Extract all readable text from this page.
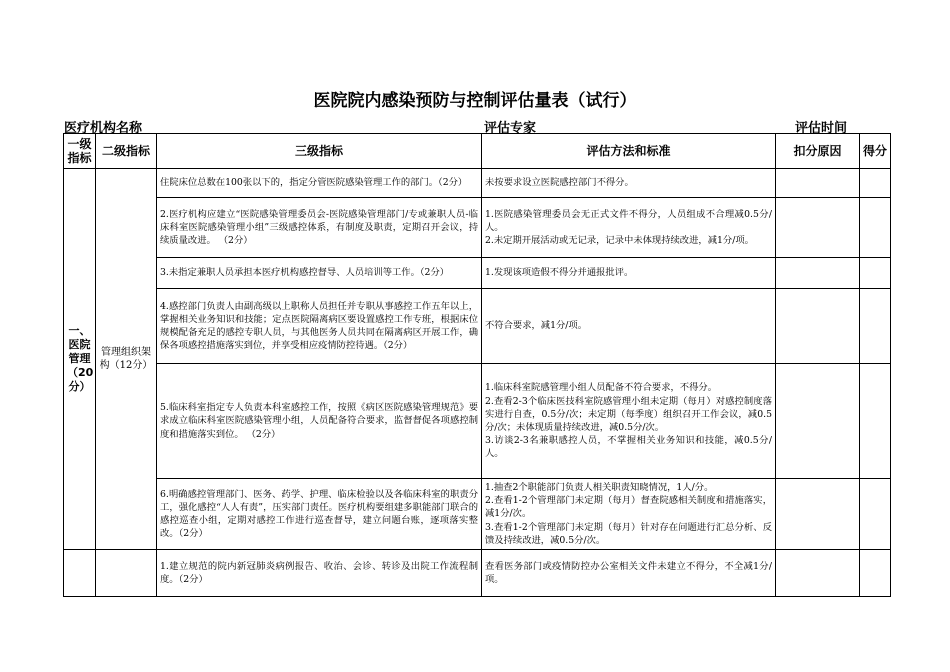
医院院内感染预防与控制评估量表（试行）
医疗机构名称	评估专家	评估时间
一级指标	二级指标	三级指标	评估方法和标准	扣分原因	得分
一、医院管理（20分）	管理组织架构（12分）	住院床位总数在100张以下的，指定分管医院感染管理工作的部门。（2分）	未按要求设立医院感控部门不得分。		

		2.医疗机构应建立“医院感染管理委员会-医院感染管理部门/专或兼职人员-临床科室医院感染管理小组”三级感控体系，有制度及职责，定期召开会议，持续质量改进。 （2分）	1.医院感染管理委员会无正式文件不得分，人员组成不合理减0.5分/人。
2.未定期开展活动或无记录，记录中未体现持续改进，减1分/项。		

		3.未指定兼职人员承担本医疗机构感控督导、人员培训等工作。（2分）	1.发现该项造假不得分并通报批评。		

		4.感控部门负责人由副高级以上职称人员担任并专职从事感控工作五年以上，掌握相关业务知识和技能；定点医院隔离病区要设置感控工作专班，根据床位规模配备充足的感控专职人员，与其他医务人员共同在隔离病区开展工作，确保各项感控措施落实到位，并享受相应疫情防控待遇。（2分）	不符合要求，减1分/项。		

		5.临床科室指定专人负责本科室感控工作，按照《病区医院感染管理规范》要求成立临床科室医院感染管理小组，人员配备符合要求，监督督促各项感控制度和措施落实到位。 （2分）	1.临床科室院感管理小组人员配备不符合要求，不得分。
2.查看2-3个临床医技科室院感管理小组未定期（每月）对感控制度落实进行自查，0.5分/次；未定期（每季度）组织召开工作会议，减0.5分/次；未体现质量持续改进，减0.5分/次。
3.访谈2-3名兼职感控人员，不掌握相关业务知识和技能，减0.5分/人。		

		6.明确感控管理部门、医务、药学、护理、临床检验以及各临床科室的职责分工，强化感控“人人有责”，压实部门责任。医疗机构要组建多职能部门联合的感控巡查小组，定期对感控工作进行巡查督导，建立问题台账，逐项落实整改。（2分）	1.抽查2个职能部门负责人相关职责知晓情况，1人/分。
2.查看1-2个管理部门未定期（每月）督查院感相关制度和措施落实，减1分/次。
3.查看1-2个管理部门未定期（每月）针对存在问题进行汇总分析、反馈及持续改进，减0.5分/次。		

		1.建立规范的院内新冠肺炎病例报告、收治、会诊、转诊及出院工作流程制度。（2分）	查看医务部门或疫情防控办公室相关文件未建立不得分，不全减1分/项。		
